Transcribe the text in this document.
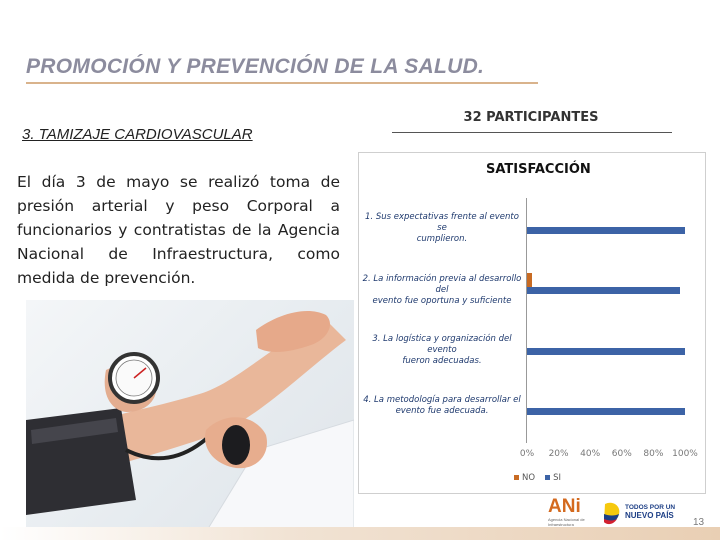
PROMOCIÓN Y PREVENCIÓN DE LA SALUD.
3. TAMIZAJE CARDIOVASCULAR
32 PARTICIPANTES
El día 3 de mayo se realizó toma de presión arterial y peso Corporal a funcionarios y contratistas de la Agencia Nacional de Infraestructura, como medida de prevención.
SATISFACCIÓN
1. Sus expectativas frente al evento se
cumplieron.
2. La información previa al desarrollo del
evento fue oportuna y suficiente
3. La logística y organización del evento
fueron adecuadas.
4. La metodología para desarrollar el
evento fue adecuada.
0%	20%	40%	60%	80% 100%
NO	SI
ANi
Agencia Nacional de Infraestructura
TODOS POR UN
NUEVO PAÍS
13
